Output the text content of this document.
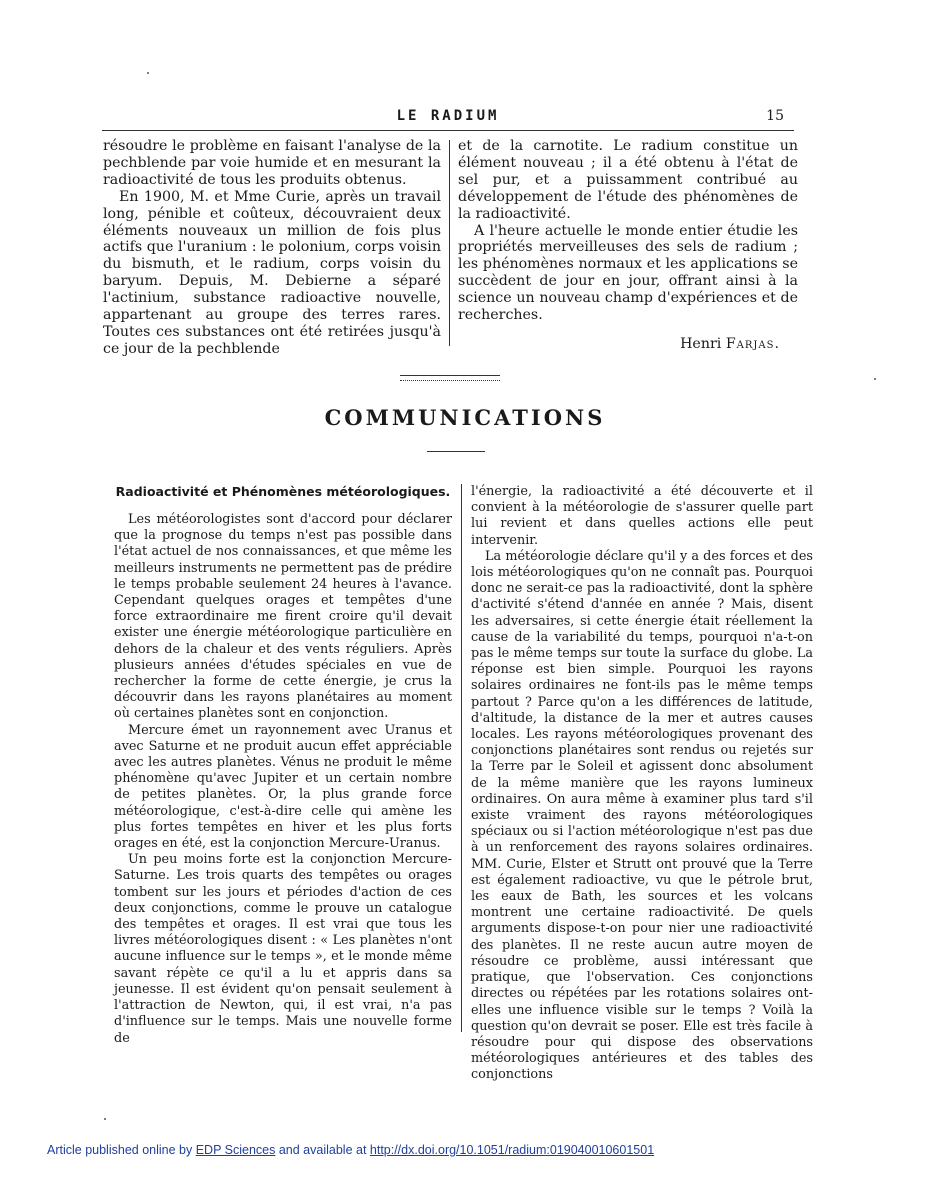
LE RADIUM	15

résoudre le problème en faisant l'analyse de la pechblende par voie humide et en mesurant la radioactivité de tous les produits obtenus.

En 1900, M. et Mme Curie, après un travail long, pénible et coûteux, découvraient deux éléments nouveaux un million de fois plus actifs que l'uranium : le polonium, corps voisin du bismuth, et le radium, corps voisin du baryum. Depuis, M. Debierne a séparé l'actinium, substance radioactive nouvelle, appartenant au groupe des terres rares. Toutes ces substances ont été retirées jusqu'à ce jour de la pechblende

et de la carnotite. Le radium constitue un élément nouveau ; il a été obtenu à l'état de sel pur, et a puissamment contribué au développement de l'étude des phénomènes de la radioactivité.

A l'heure actuelle le monde entier étudie les propriétés merveilleuses des sels de radium ; les phénomènes normaux et les applications se succèdent de jour en jour, offrant ainsi à la science un nouveau champ d'expériences et de recherches.

Henri Farjas.
COMMUNICATIONS
Radioactivité et Phénomènes météorologiques.

Les météorologistes sont d'accord pour déclarer que la prognose du temps n'est pas possible dans l'état actuel de nos connaissances, et que même les meilleurs instruments ne permettent pas de prédire le temps probable seulement 24 heures à l'avance. Cependant quelques orages et tempêtes d'une force extraordinaire me firent croire qu'il devait exister une énergie météorologique particulière en dehors de la chaleur et des vents réguliers. Après plusieurs années d'études spéciales en vue de rechercher la forme de cette énergie, je crus la découvrir dans les rayons planétaires au moment où certaines planètes sont en conjonction.

Mercure émet un rayonnement avec Uranus et avec Saturne et ne produit aucun effet appréciable avec les autres planètes. Vénus ne produit le même phénomène qu'avec Jupiter et un certain nombre de petites planètes. Or, la plus grande force météorologique, c'est-à-dire celle qui amène les plus fortes tempêtes en hiver et les plus forts orages en été, est la conjonction Mercure-Uranus.

Un peu moins forte est la conjonction Mercure-Saturne. Les trois quarts des tempêtes ou orages tombent sur les jours et périodes d'action de ces deux conjonctions, comme le prouve un catalogue des tempêtes et orages. Il est vrai que tous les livres météorologiques disent : « Les planètes n'ont aucune influence sur le temps », et le monde même savant répète ce qu'il a lu et appris dans sa jeunesse. Il est évident qu'on pensait seulement à l'attraction de Newton, qui, il est vrai, n'a pas d'influence sur le temps. Mais une nouvelle forme de

l'énergie, la radioactivité a été découverte et il convient à la météorologie de s'assurer quelle part lui revient et dans quelles actions elle peut intervenir.

La météorologie déclare qu'il y a des forces et des lois météorologiques qu'on ne connaît pas. Pourquoi donc ne serait-ce pas la radioactivité, dont la sphère d'activité s'étend d'année en année ? Mais, disent les adversaires, si cette énergie était réellement la cause de la variabilité du temps, pourquoi n'a-t-on pas le même temps sur toute la surface du globe. La réponse est bien simple. Pourquoi les rayons solaires ordinaires ne font-ils pas le même temps partout ? Parce qu'on a les différences de latitude, d'altitude, la distance de la mer et autres causes locales. Les rayons météorologiques provenant des conjonctions planétaires sont rendus ou rejetés sur la Terre par le Soleil et agissent donc absolument de la même manière que les rayons lumineux ordinaires. On aura même à examiner plus tard s'il existe vraiment des rayons météorologiques spéciaux ou si l'action météorologique n'est pas due à un renforcement des rayons solaires ordinaires. MM. Curie, Elster et Strutt ont prouvé que la Terre est également radioactive, vu que le pétrole brut, les eaux de Bath, les sources et les volcans montrent une certaine radioactivité. De quels arguments dispose-t-on pour nier une radioactivité des planètes. Il ne reste aucun autre moyen de résoudre ce problème, aussi intéressant que pratique, que l'observation. Ces conjonctions directes ou répétées par les rotations solaires ont-elles une influence visible sur le temps ? Voilà la question qu'on devrait se poser. Elle est très facile à résoudre pour qui dispose des observations météorologiques antérieures et des tables des conjonctions

Article published online by EDP Sciences and available at http://dx.doi.org/10.1051/radium:019040010601501
